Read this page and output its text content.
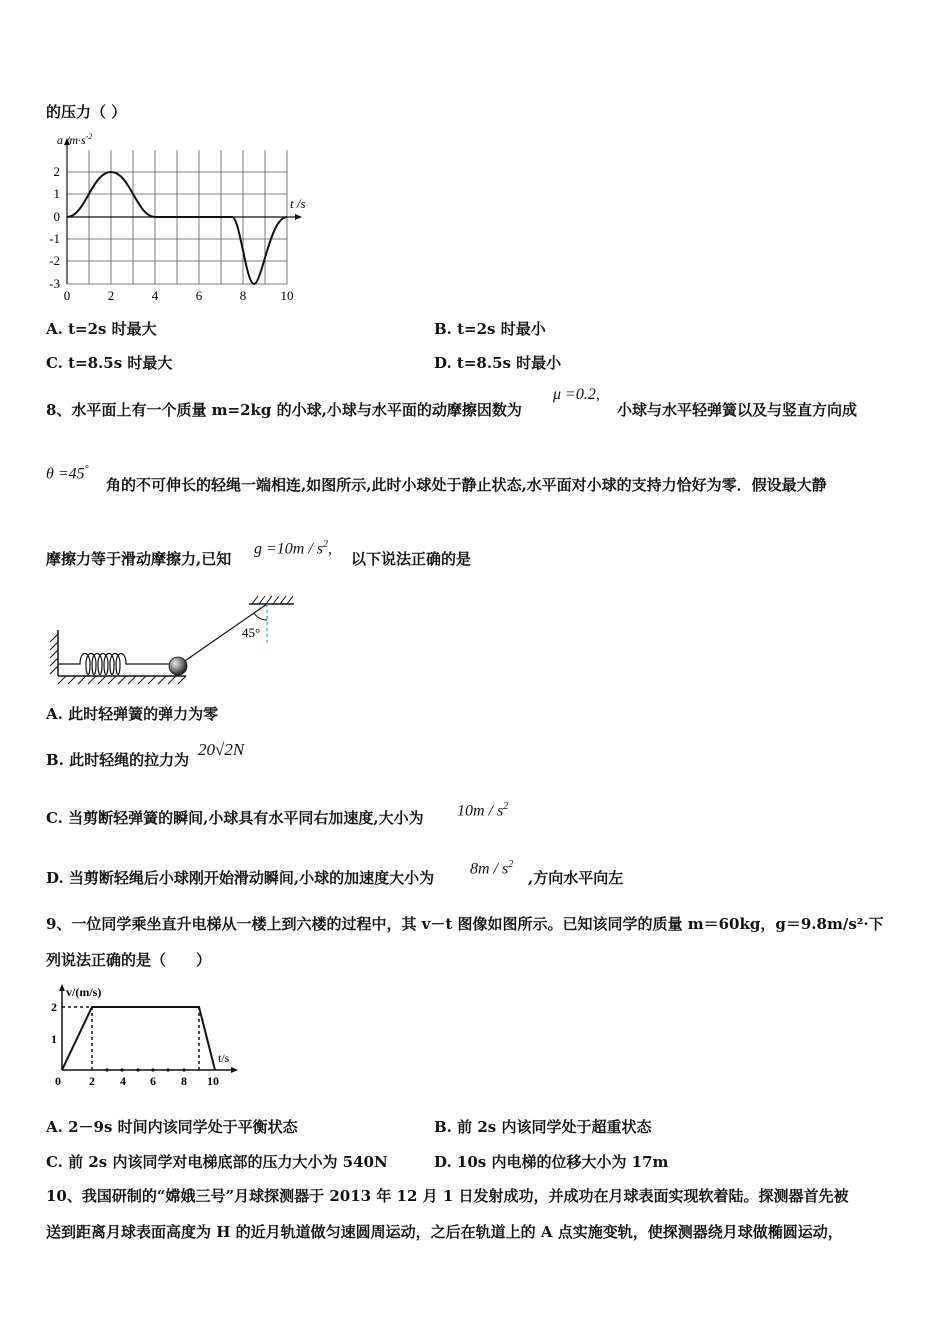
的压力（ ）
a $/m\cdot s^{-2}$
t /s
2
1
0
-1
-2
-3
0	2	4	6	8	10
A. t=2s 时最大	B. t=2s 时最小
C. t=8.5s 时最大	D. t=8.5s 时最小
8、水平面上有一个质量 m=2kg 的小球,小球与水平面的动摩擦因数为
μ =0.2,
小球与水平轻弹簧以及与竖直方向成
θ =45°
角的不可伸长的轻绳一端相连,如图所示,此时小球处于静止状态,水平面对小球的支持力恰好为零．假设最大静
摩擦力等于滑动摩擦力,已知
$g =10m / s^2$,
以下说法正确的是
45°
A. 此时轻弹簧的弹力为零
B. 此时轻绳的拉力为
20√2N
C. 当剪断轻弹簧的瞬间,小球具有水平同右加速度,大小为 $10m / s^2$
D. 当剪断轻绳后小球刚开始滑动瞬间,小球的加速度大小为
$8m / s^2$
,方向水平向左
9、一位同学乘坐直升电梯从一楼上到六楼的过程中，其 v－t 图像如图所示。已知该同学的质量 m＝60kg，g＝9.8m/s²·下
列说法正确的是（　　）
v/(m/s)
t/s
2
1
0 2 4 6 8 10
A. 2－9s 时间内该同学处于平衡状态	B. 前 2s 内该同学处于超重状态
C. 前 2s 内该同学对电梯底部的压力大小为 540N	D. 10s 内电梯的位移大小为 17m
10、我国研制的“嫦娥三号”月球探测器于 2013 年 12 月 1 日发射成功，并成功在月球表面实现软着陆。探测器首先被
送到距离月球表面高度为 H 的近月轨道做匀速圆周运动，之后在轨道上的 A 点实施变轨，使探测器绕月球做椭圆运动，
